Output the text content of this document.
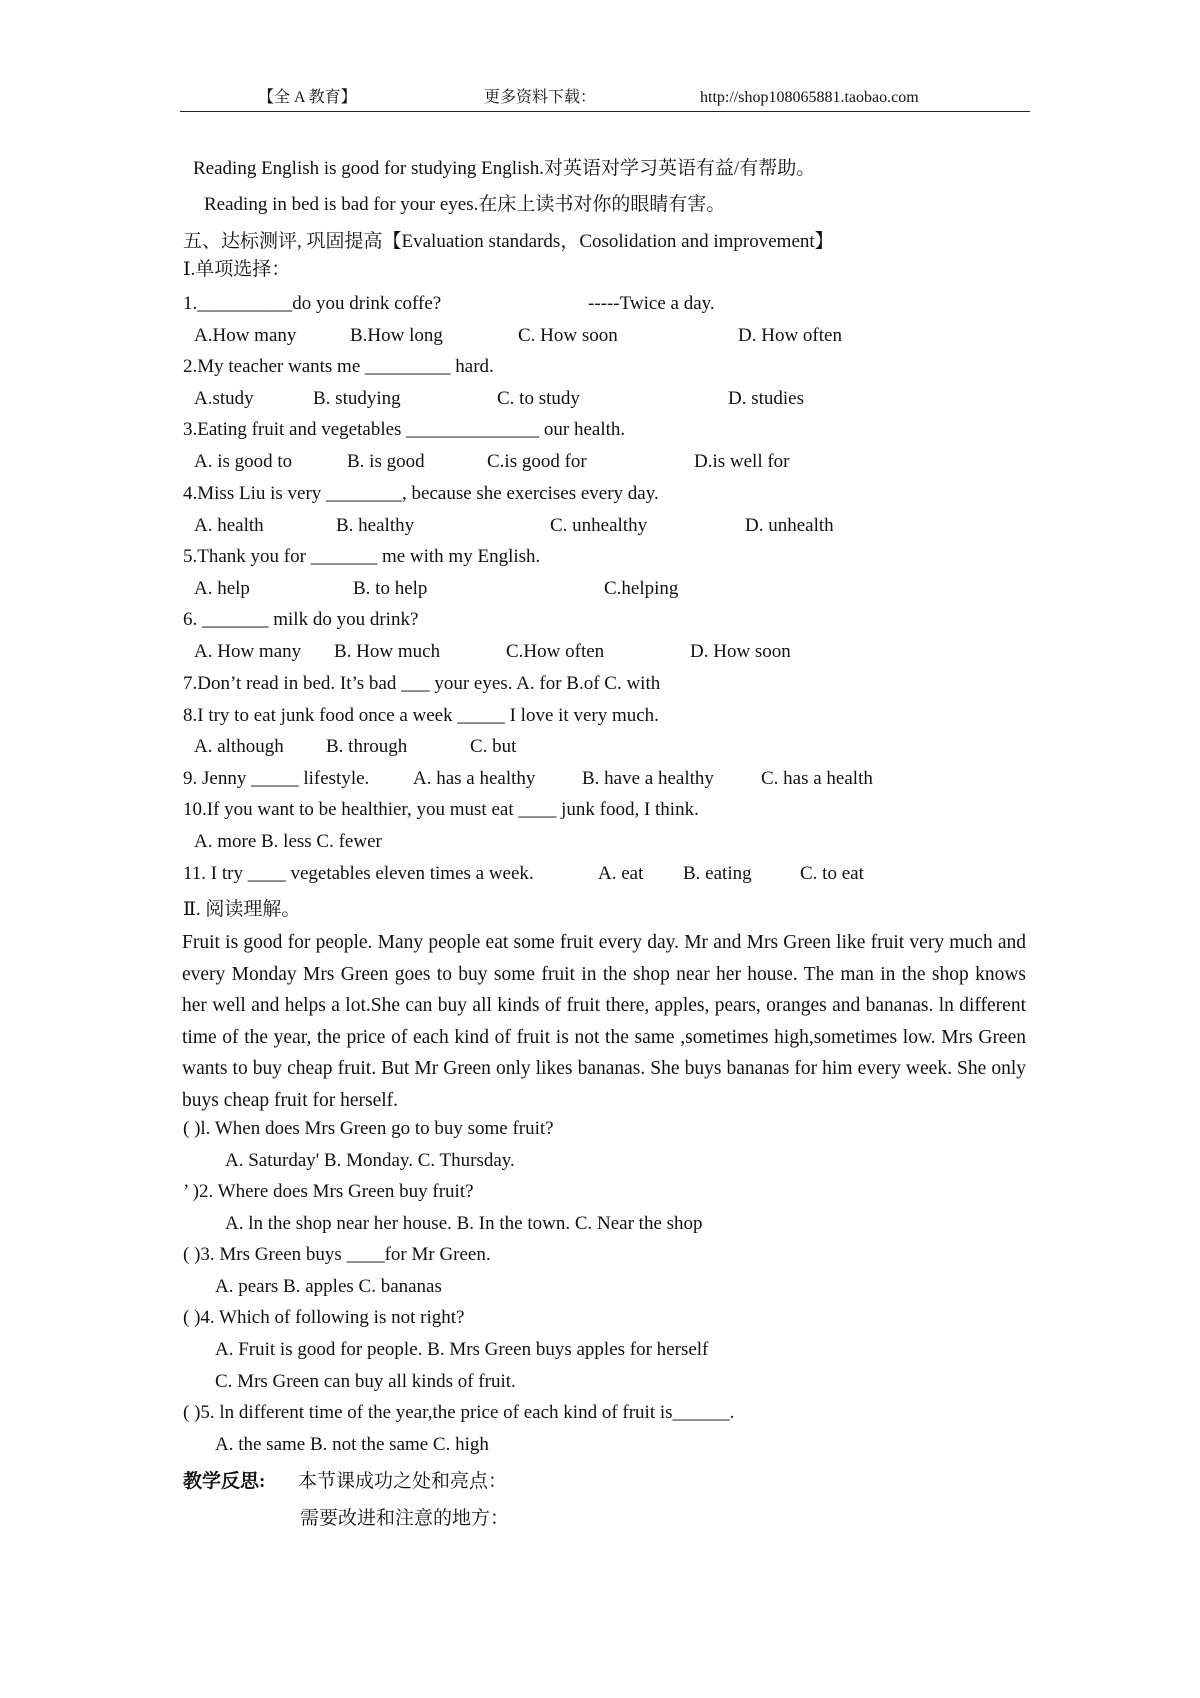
【全 A 教育】	更多资料下载：	http://shop108065881.taobao.com
Reading English is good for studying English.对英语对学习英语有益/有帮助。
Reading in bed is bad for your eyes.在床上读书对你的眼睛有害。
五、达标测评, 巩固提高【Evaluation standards，Cosolidation and improvement】
Ⅰ.单项选择：
1.__________do you drink coffe?	-----Twice a day.
A.How many	B.How long	C. How soon	D. How often
2.My teacher wants me _________ hard.
A.study	B. studying	C. to study	D. studies
3.Eating fruit and vegetables ______________ our health.
A. is good to	B. is good	C.is good for	D.is well for
4.Miss Liu is very ________, because she exercises every day.
A. health	B. healthy	C. unhealthy	D. unhealth
5.Thank you for _______ me with my English.
A. help	B. to help	C.helping
6. _______ milk do you drink?
A. How many B. How much	C.How often	D. How soon
7.Don’t read in bed. It’s bad ___ your eyes. A. for B.of C. with
8.I try to eat junk food once a week _____ I love it very much.
A. although B. through	C. but
9. Jenny _____ lifestyle. A. has a healthy B. have a healthy C. has a health
10.If you want to be healthier, you must eat ____ junk food, I think.
A. more B. less C. fewer
11. I try ____ vegetables eleven times a week.	A. eat B. eating	C. to eat
Ⅱ. 阅读理解。
Fruit is good for people. Many people eat some fruit every day. Mr and Mrs Green like fruit very much and every Monday Mrs Green goes to buy some fruit in the shop near her house. The man in the shop knows her well and helps a lot.She can buy all kinds of fruit there, apples, pears, oranges and bananas. ln different time of the year, the price of each kind of fruit is not the same ,sometimes high,sometimes low. Mrs Green wants to buy cheap fruit. But Mr Green only likes bananas. She buys bananas for him every week. She only buys cheap fruit for herself.
( )l. When does Mrs Green go to buy some fruit?
A. Saturday' B. Monday. C. Thursday.
’ )2. Where does Mrs Green buy fruit?
A. ln the shop near her house. B. In the town. C. Near the shop
( )3. Mrs Green buys ____for Mr Green.
A. pears B. apples C. bananas
( )4. Which of following is not right?
A. Fruit is good for people. B. Mrs Green buys apples for herself
C. Mrs Green can buy all kinds of fruit.
( )5. ln different time of the year,the price of each kind of fruit is______.
A. the same B. not the same C. high
教学反思: 本节课成功之处和亮点：
需要改进和注意的地方：
